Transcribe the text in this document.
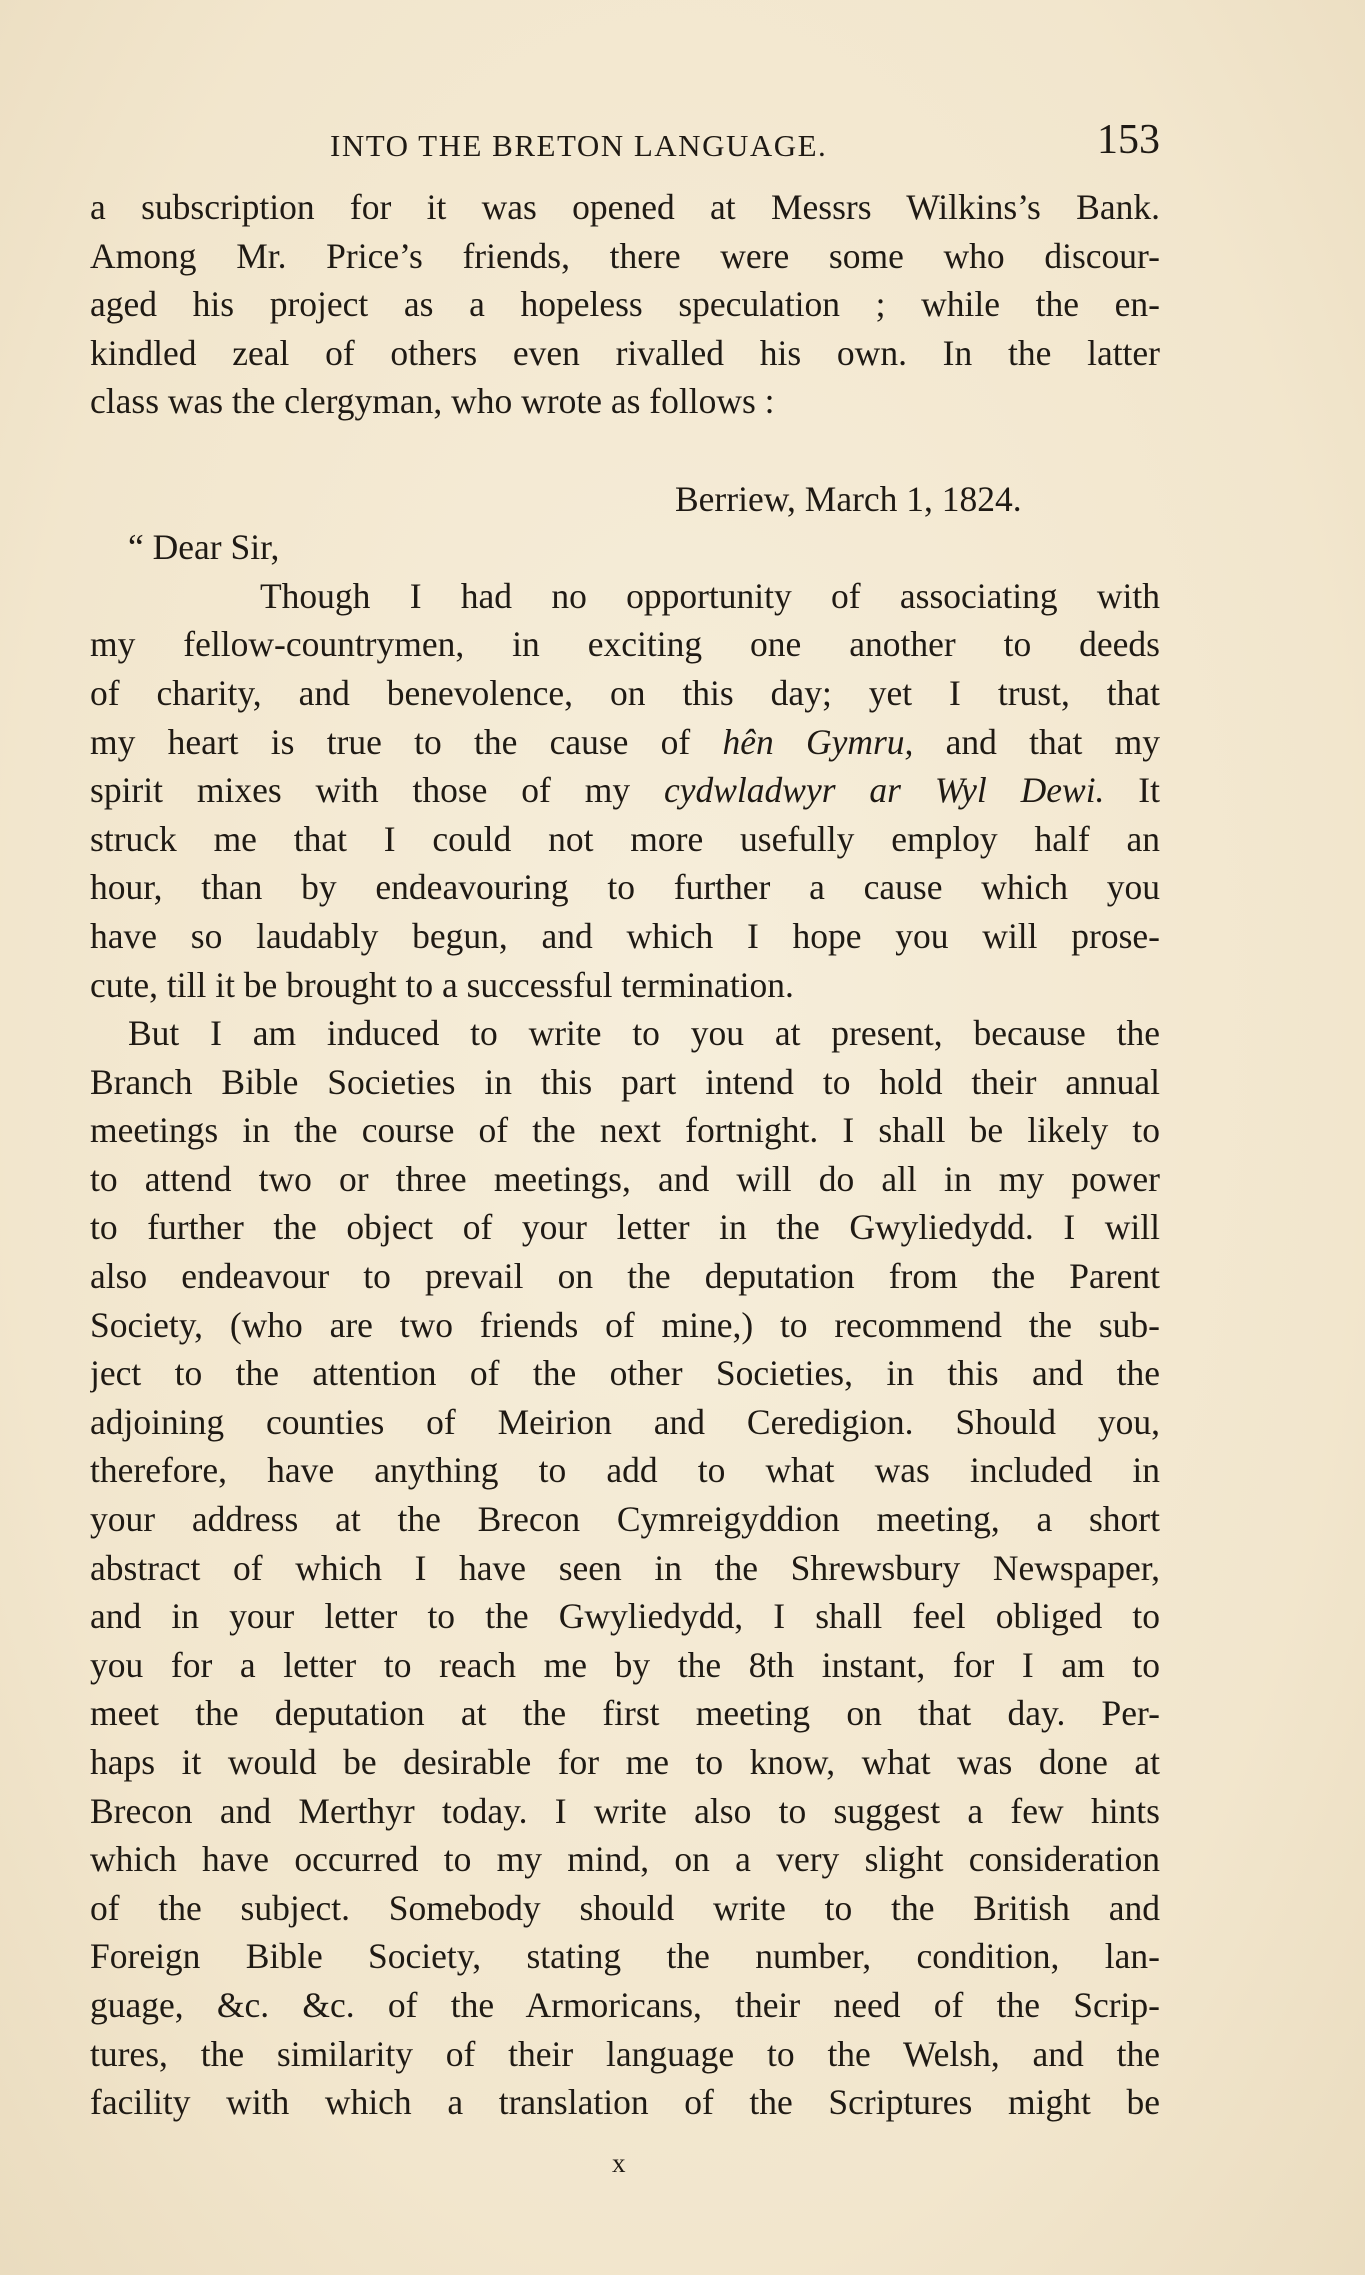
INTO THE BRETON LANGUAGE.	153
a subscription for it was opened at Messrs Wilkins’s Bank.
Among Mr. Price’s friends, there were some who discour-
aged his project as a hopeless speculation ; while the en-
kindled zeal of others even rivalled his own. In the latter
class was the clergyman, who wrote as follows :
Berriew, March 1, 1824.
“ Dear Sir,
Though I had no opportunity of associating with
my fellow-countrymen, in exciting one another to deeds
of charity, and benevolence, on this day; yet I trust, that
my heart is true to the cause of hên Gymru, and that my
spirit mixes with those of my cydwladwyr ar Wyl Dewi. It
struck me that I could not more usefully employ half an
hour, than by endeavouring to further a cause which you
have so laudably begun, and which I hope you will prose-
cute, till it be brought to a successful termination.
But I am induced to write to you at present, because the
Branch Bible Societies in this part intend to hold their annual
meetings in the course of the next fortnight. I shall be likely to
to attend two or three meetings, and will do all in my power
to further the object of your letter in the Gwyliedydd. I will
also endeavour to prevail on the deputation from the Parent
Society, (who are two friends of mine,) to recommend the sub-
ject to the attention of the other Societies, in this and the
adjoining counties of Meirion and Ceredigion. Should you,
therefore, have anything to add to what was included in
your address at the Brecon Cymreigyddion meeting, a short
abstract of which I have seen in the Shrewsbury Newspaper,
and in your letter to the Gwyliedydd, I shall feel obliged to
you for a letter to reach me by the 8th instant, for I am to
meet the deputation at the first meeting on that day. Per-
haps it would be desirable for me to know, what was done at
Brecon and Merthyr today. I write also to suggest a few hints
which have occurred to my mind, on a very slight consideration
of the subject. Somebody should write to the British and
Foreign Bible Society, stating the number, condition, lan-
guage, &c. &c. of the Armoricans, their need of the Scrip-
tures, the similarity of their language to the Welsh, and the
facility with which a translation of the Scriptures might be
x
